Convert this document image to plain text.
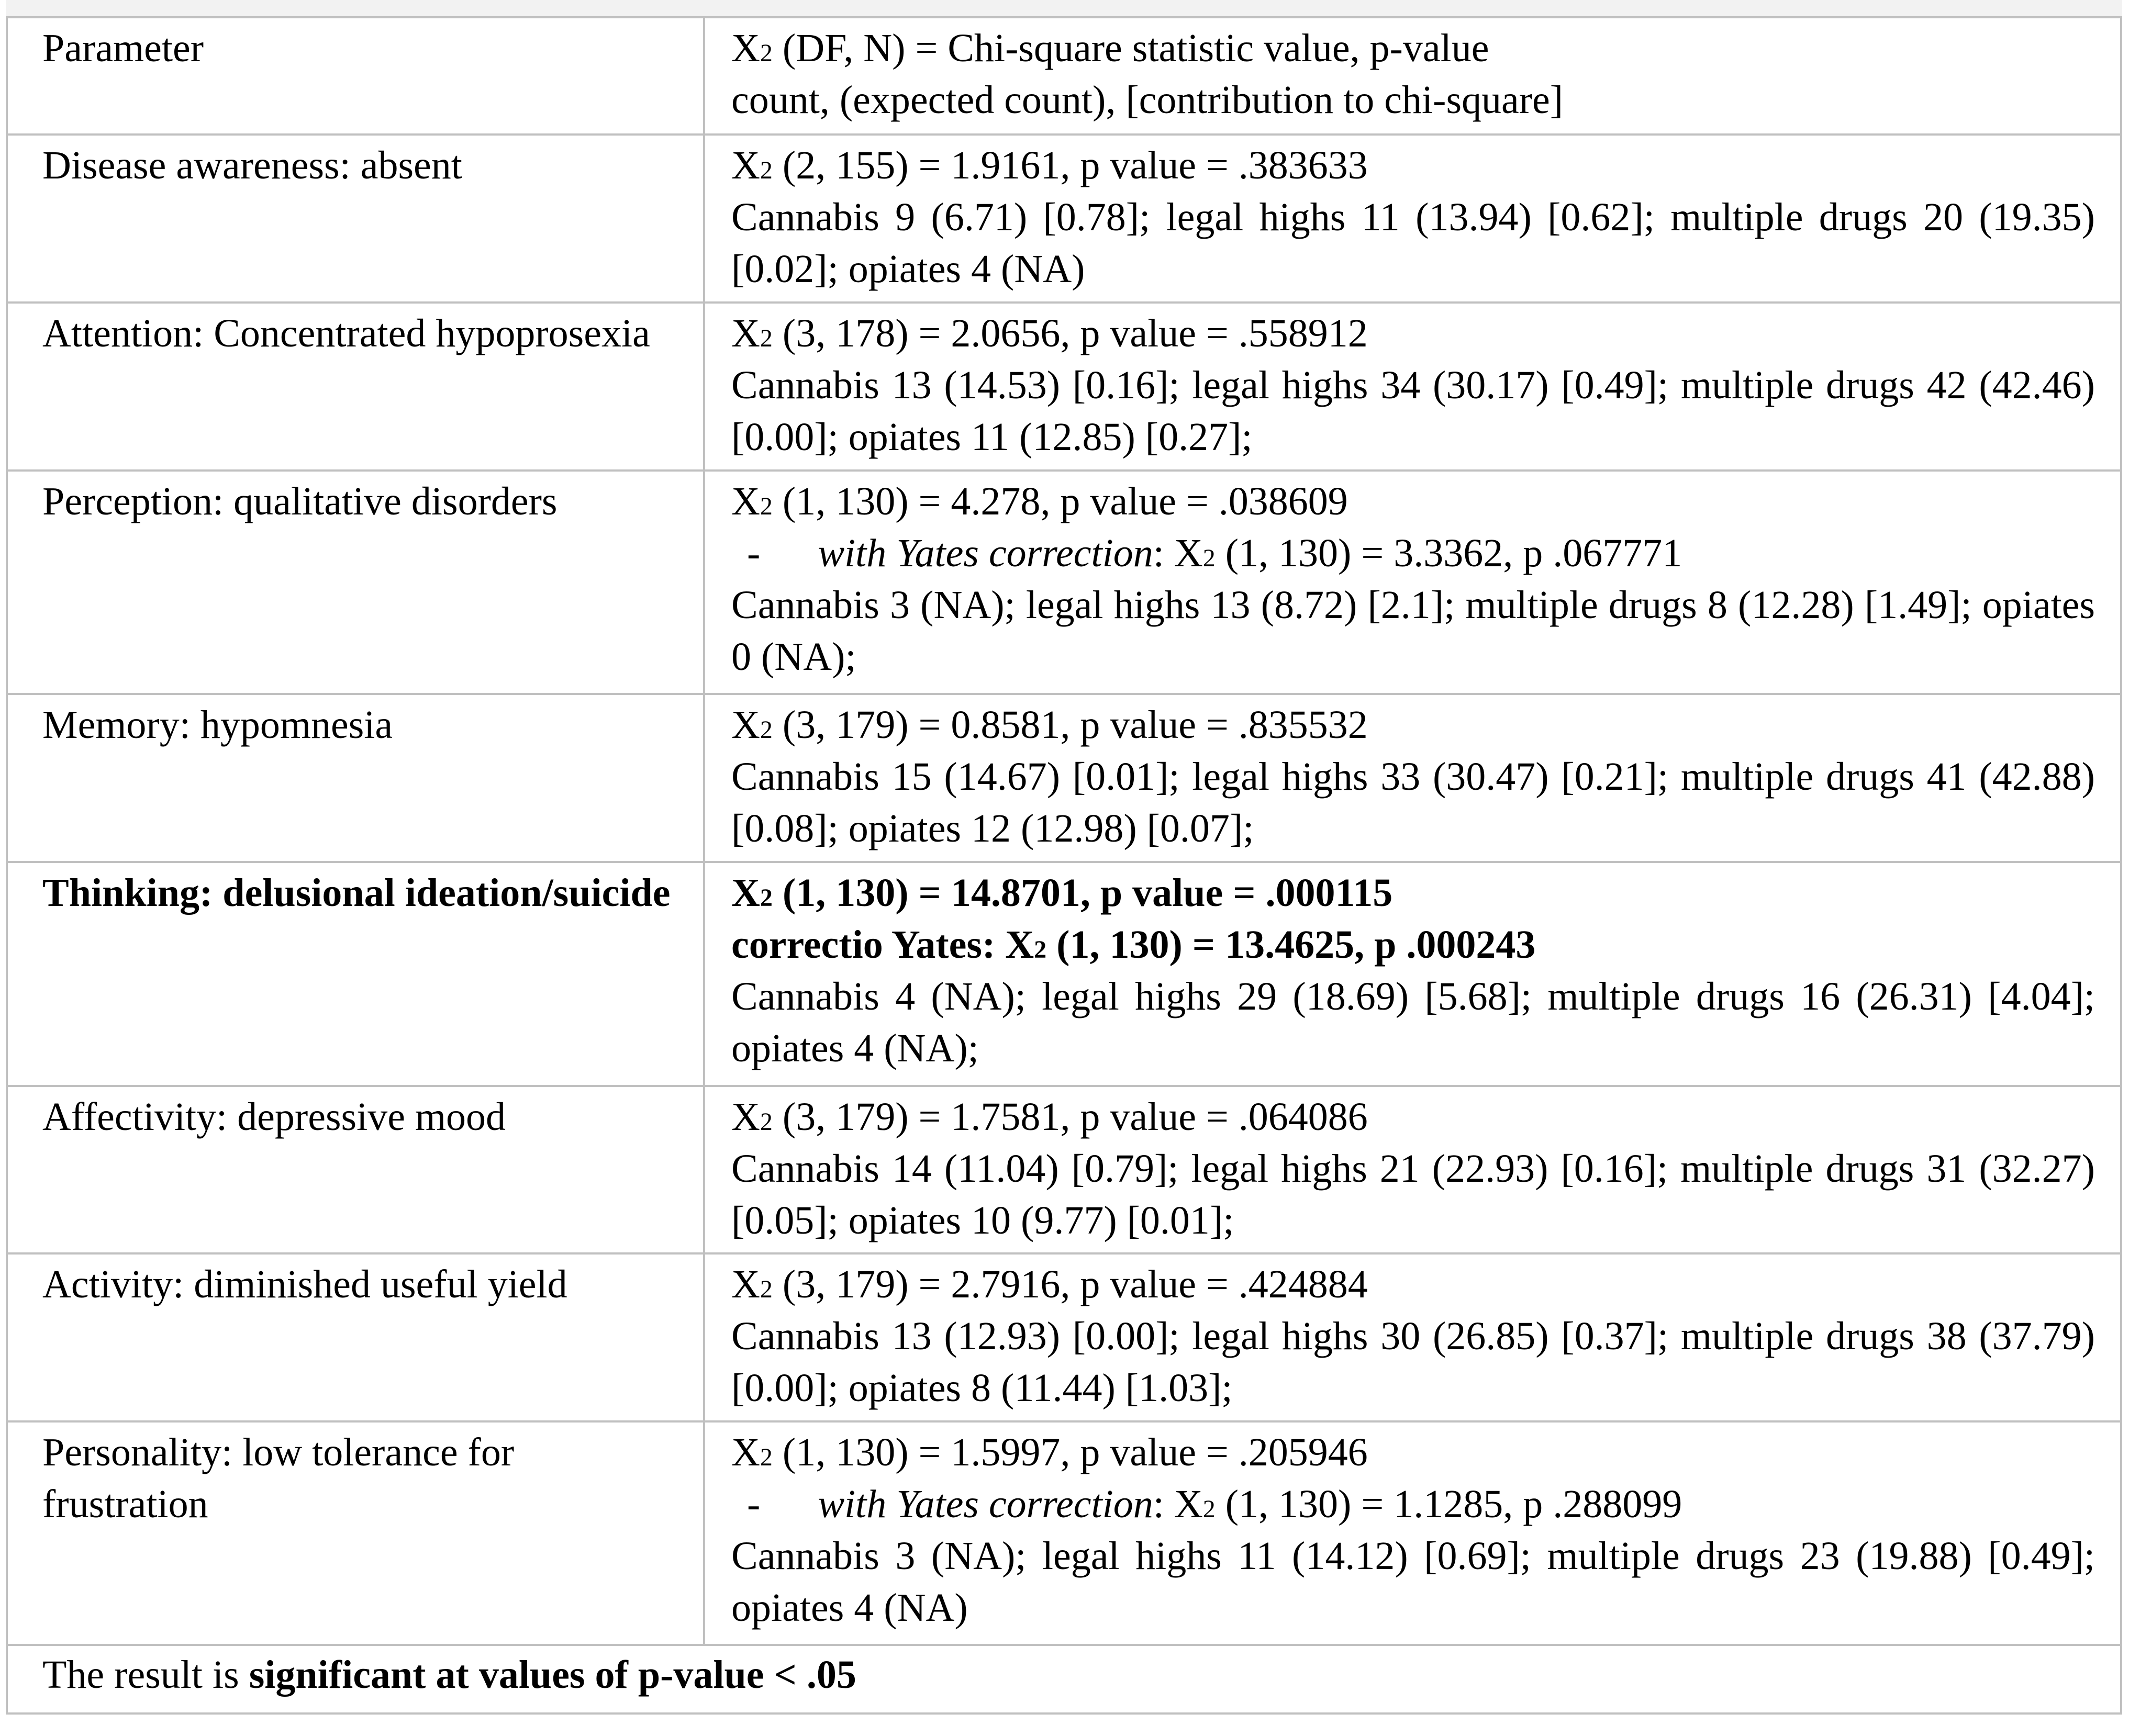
Parameter	$X^2$ (DF, N) = Chi-square statistic value, p-value
count, (expected count), [contribution to chi-square]

Disease awareness: absent	$X^2$ (2, 155) = 1.9161, p value = .383633
Cannabis 9 (6.71) [0.78]; legal highs 11 (13.94) [0.62]; multiple drugs 20 (19.35) [0.02]; opiates 4 (NA)

Attention: Concentrated hypoprosexia	$X^2$ (3, 178) = 2.0656, p value = .558912
Cannabis 13 (14.53) [0.16]; legal highs 34 (30.17) [0.49]; multiple drugs 42 (42.46) [0.00]; opiates 11 (12.85) [0.27];

Perception: qualitative disorders	$X^2$ (1, 130) = 4.278, p value = .038609
- with Yates correction: $X^2$ (1, 130) = 3.3362, p .067771
Cannabis 3 (NA); legal highs 13 (8.72) [2.1]; multiple drugs 8 (12.28) [1.49]; opiates 0 (NA);

Memory: hypomnesia	$X^2$ (3, 179) = 0.8581, p value = .835532
Cannabis 15 (14.67) [0.01]; legal highs 33 (30.47) [0.21]; multiple drugs 41 (42.88) [0.08]; opiates 12 (12.98) [0.07];

Thinking: delusional ideation/suicide	$X^2$ (1, 130) = 14.8701, p value = .000115
correctio Yates: $X^2$ (1, 130) = 13.4625, p .000243
Cannabis 4 (NA); legal highs 29 (18.69) [5.68]; multiple drugs 16 (26.31) [4.04]; opiates 4 (NA);

Affectivity: depressive mood	$X^2$ (3, 179) = 1.7581, p value = .064086
Cannabis 14 (11.04) [0.79]; legal highs 21 (22.93) [0.16]; multiple drugs 31 (32.27) [0.05]; opiates 10 (9.77) [0.01];

Activity: diminished useful yield	$X^2$ (3, 179) = 2.7916, p value = .424884
Cannabis 13 (12.93) [0.00]; legal highs 30 (26.85) [0.37]; multiple drugs 38 (37.79) [0.00]; opiates 8 (11.44) [1.03];

Personality: low tolerance for frustration	$X^2$ (1, 130) = 1.5997, p value = .205946
- with Yates correction: $X^2$ (1, 130) = 1.1285, p .288099
Cannabis 3 (NA); legal highs 11 (14.12) [0.69]; multiple drugs 23 (19.88) [0.49]; opiates 4 (NA)

The result is significant at values of p-value < .05	
